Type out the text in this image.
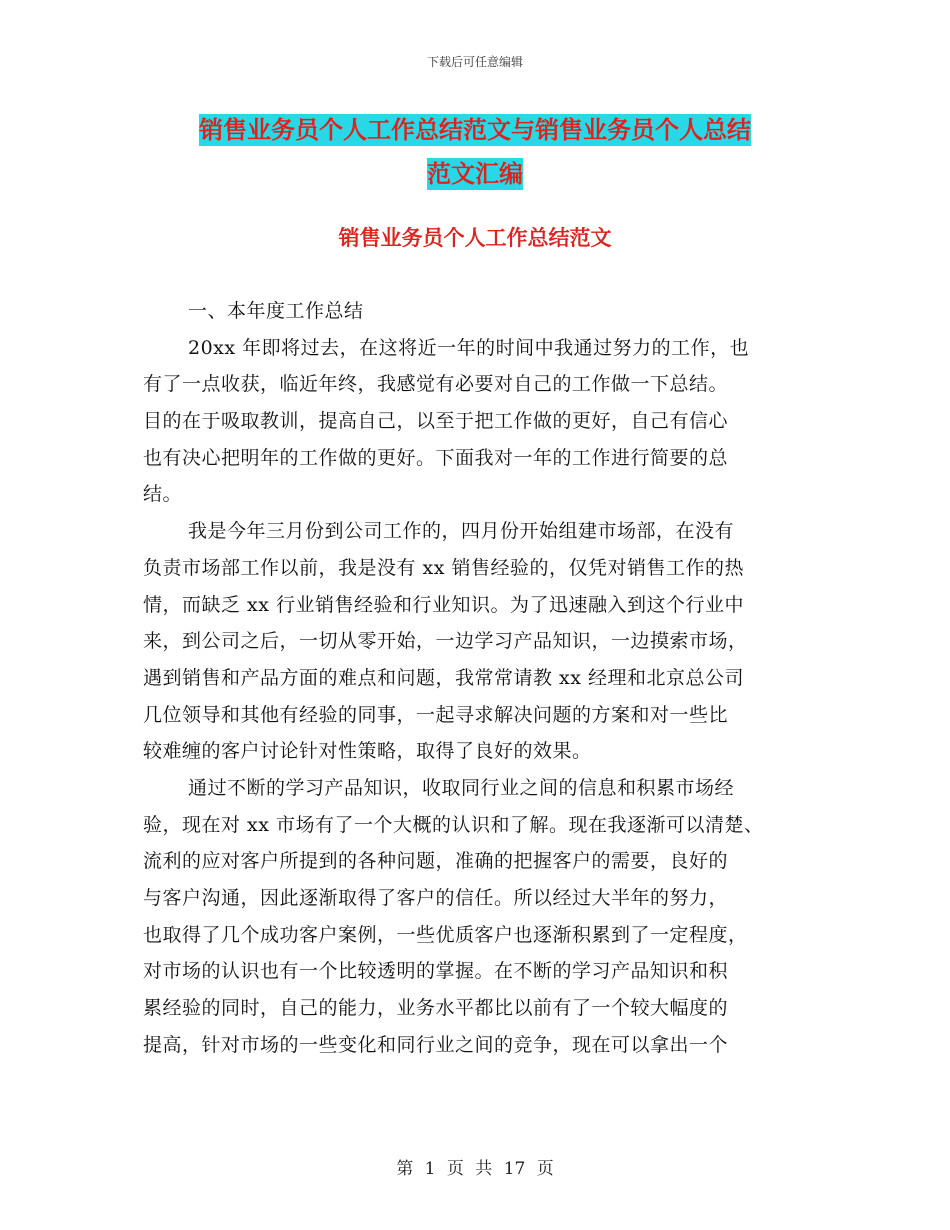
下载后可任意编辑
销售业务员个人工作总结范文与销售业务员个人总结
范文汇编
销售业务员个人工作总结范文
一、本年度工作总结
20xx 年即将过去，在这将近一年的时间中我通过努力的工作，也
有了一点收获，临近年终，我感觉有必要对自己的工作做一下总结。
目的在于吸取教训，提高自己，以至于把工作做的更好，自己有信心
也有决心把明年的工作做的更好。下面我对一年的工作进行简要的总
结。
我是今年三月份到公司工作的，四月份开始组建市场部，在没有
负责市场部工作以前，我是没有 xx 销售经验的，仅凭对销售工作的热
情，而缺乏 xx 行业销售经验和行业知识。为了迅速融入到这个行业中
来，到公司之后，一切从零开始，一边学习产品知识，一边摸索市场，
遇到销售和产品方面的难点和问题，我常常请教 xx 经理和北京总公司
几位领导和其他有经验的同事，一起寻求解决问题的方案和对一些比
较难缠的客户讨论针对性策略，取得了良好的效果。
通过不断的学习产品知识，收取同行业之间的信息和积累市场经
验，现在对 xx 市场有了一个大概的认识和了解。现在我逐渐可以清楚、
流利的应对客户所提到的各种问题，准确的把握客户的需要，良好的
与客户沟通，因此逐渐取得了客户的信任。所以经过大半年的努力，
也取得了几个成功客户案例，一些优质客户也逐渐积累到了一定程度，
对市场的认识也有一个比较透明的掌握。在不断的学习产品知识和积
累经验的同时，自己的能力，业务水平都比以前有了一个较大幅度的
提高，针对市场的一些变化和同行业之间的竞争，现在可以拿出一个
第 1 页 共 17 页
